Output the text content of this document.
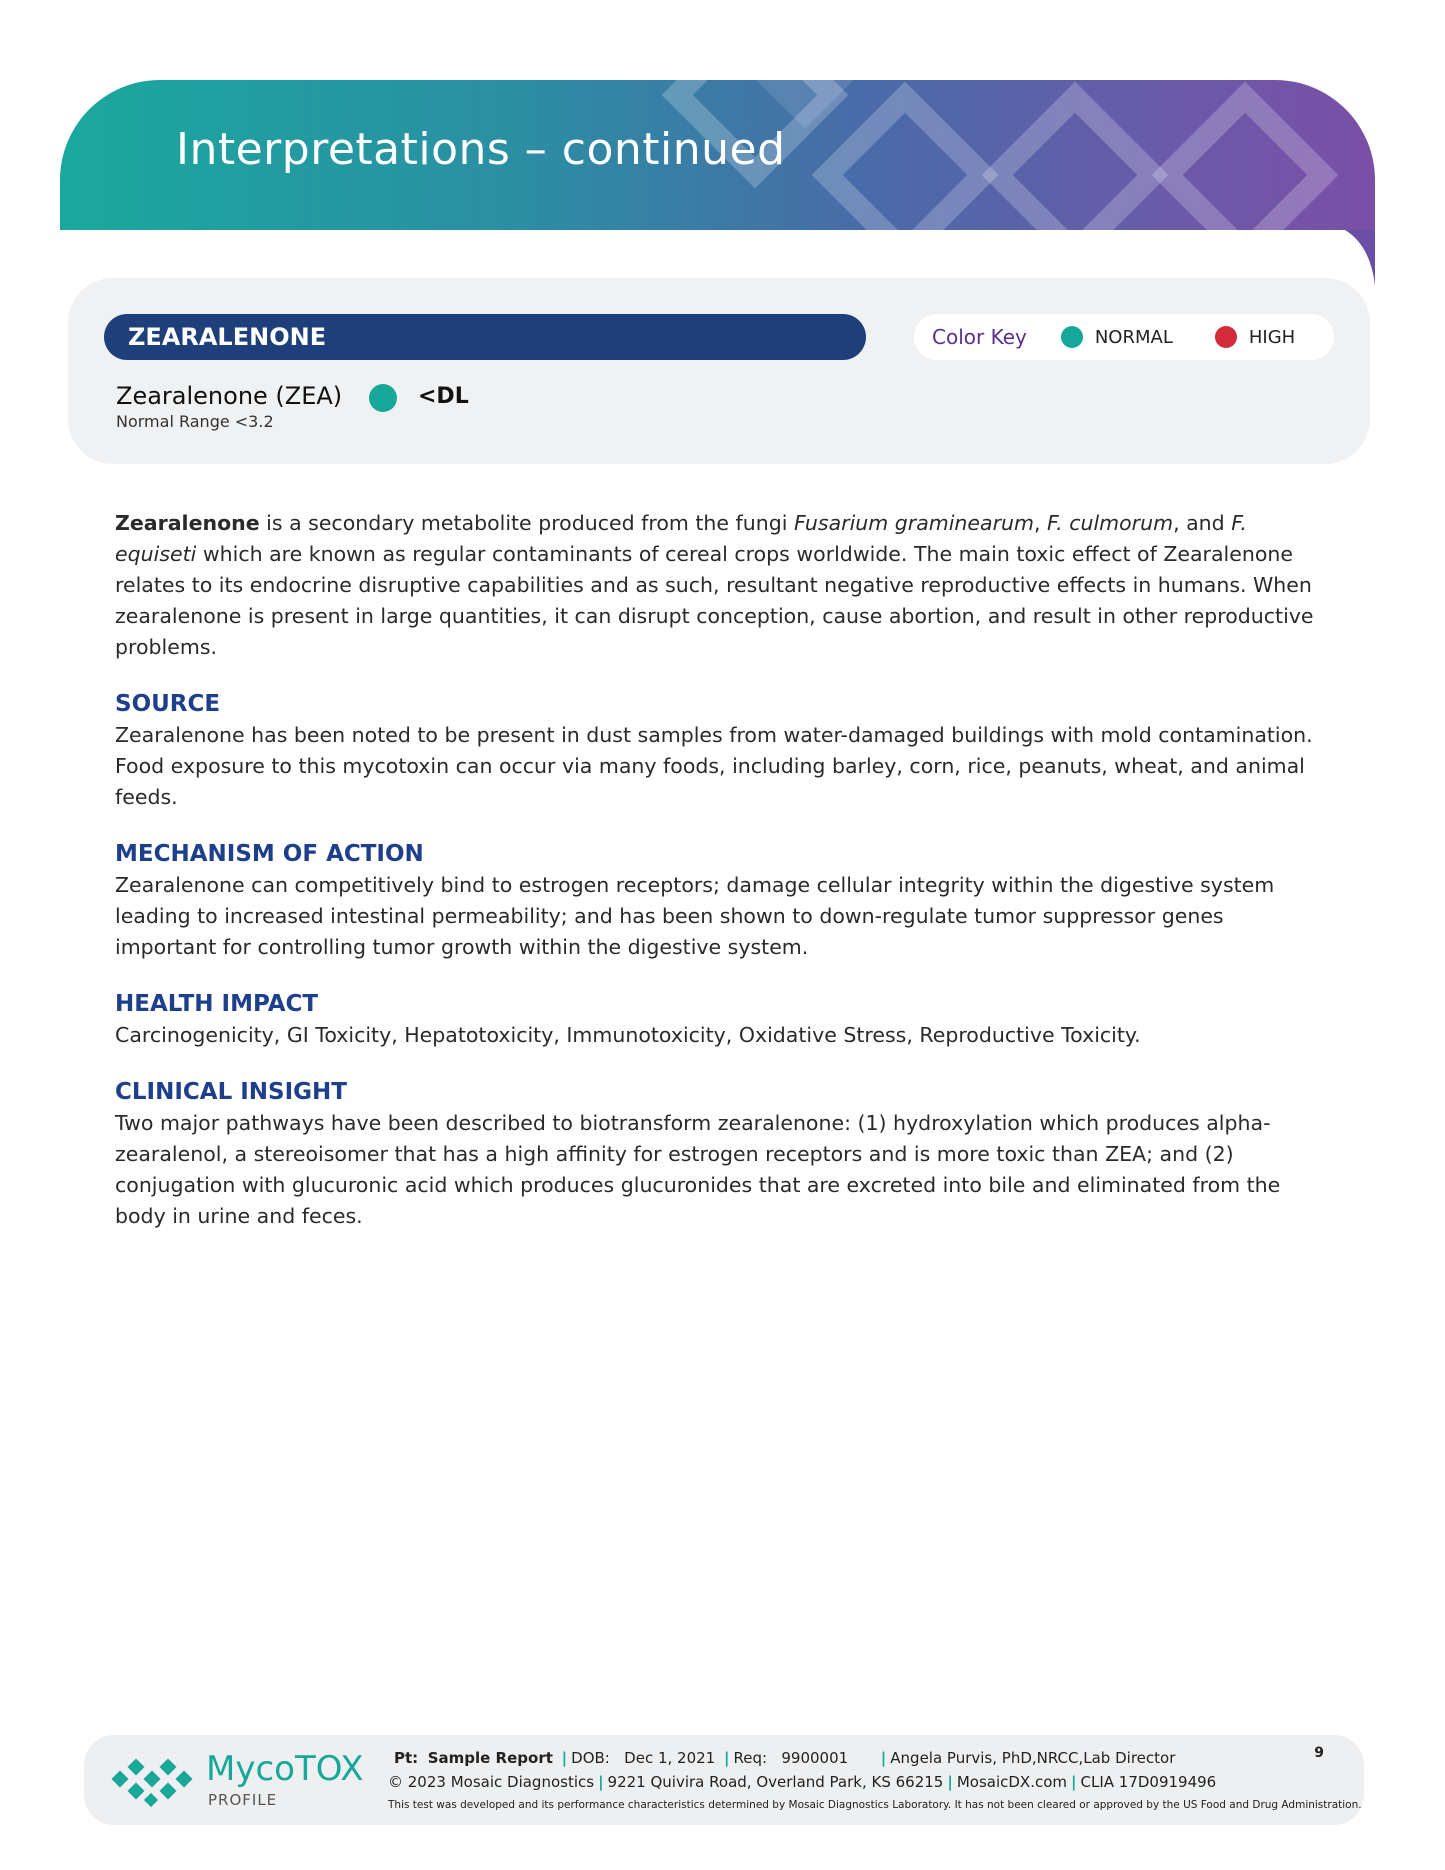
Interpretations – continued
ZEARALENONE	Color Key	NORMAL	HIGH
Zearalenone (ZEA)	<DL
Normal Range <3.2

Zearalenone is a secondary metabolite produced from the fungi Fusarium graminearum, F. culmorum, and F. equiseti which are known as regular contaminants of cereal crops worldwide. The main toxic effect of Zearalenone relates to its endocrine disruptive capabilities and as such, resultant negative reproductive effects in humans. When zearalenone is present in large quantities, it can disrupt conception, cause abortion, and result in other reproductive problems.

SOURCE

Zearalenone has been noted to be present in dust samples from water-damaged buildings with mold contamination. Food exposure to this mycotoxin can occur via many foods, including barley, corn, rice, peanuts, wheat, and animal feeds.

MECHANISM OF ACTION

Zearalenone can competitively bind to estrogen receptors; damage cellular integrity within the digestive system leading to increased intestinal permeability; and has been shown to down-regulate tumor suppressor genes important for controlling tumor growth within the digestive system.

HEALTH IMPACT

Carcinogenicity, GI Toxicity, Hepatotoxicity, Immunotoxicity, Oxidative Stress, Reproductive Toxicity.

CLINICAL INSIGHT

Two major pathways have been described to biotransform zearalenone: (1) hydroxylation which produces alpha-zearalenol, a stereoisomer that has a high affinity for estrogen receptors and is more toxic than ZEA; and (2) conjugation with glucuronic acid which produces glucuronides that are excreted into bile and eliminated from the body in urine and feces.

MycoTOX
PROFILE
Pt: Sample Report | DOB: Dec 1, 2021 | Req: 9900001 | Angela Purvis, PhD,NRCC,Lab Director
© 2023 Mosaic Diagnostics | 9221 Quivira Road, Overland Park, KS 66215 | MosaicDX.com | CLIA 17D0919496
This test was developed and its performance characteristics determined by Mosaic Diagnostics Laboratory. It has not been cleared or approved by the US Food and Drug Administration.
9
